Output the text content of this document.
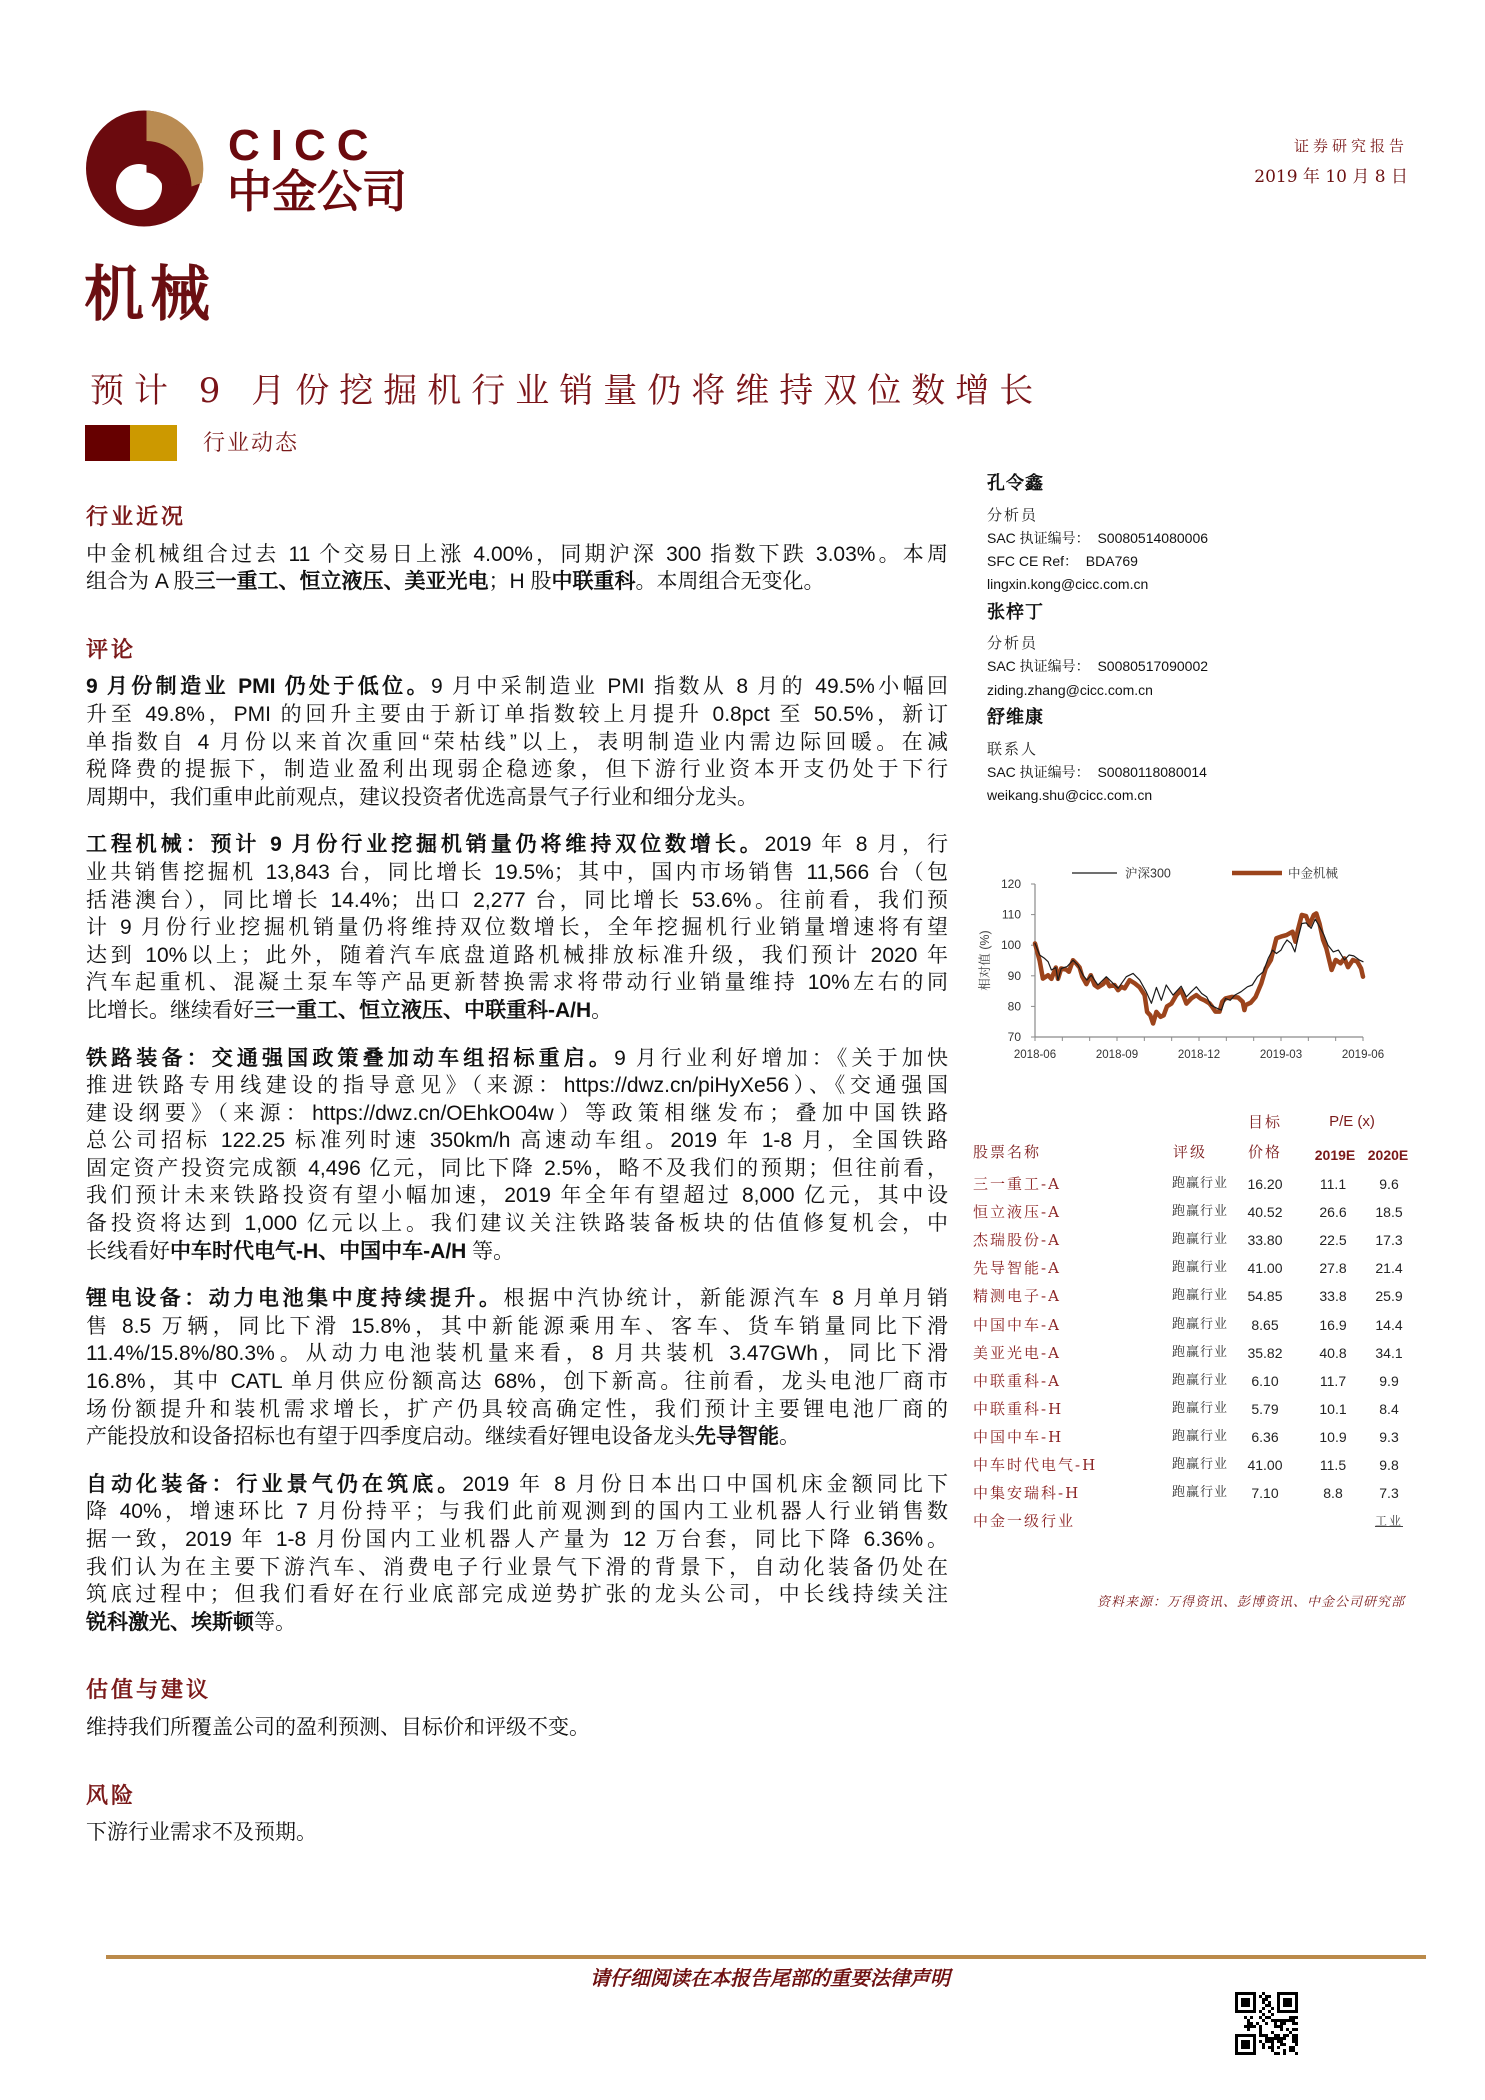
CICC
中金公司
证券研究报告
2019 年 10 月 8 日
机械
预计 9 月份挖掘机行业销量仍将维持双位数增长
行业动态
行业近况
中金机械组合过去 11 个交易日上涨 4.00%，同期沪深 300 指数下跌 3.03%。本周
组合为 A 股三一重工、恒立液压、美亚光电；H 股中联重科。本周组合无变化。
评论
9 月份制造业 PMI 仍处于低位。9 月中采制造业 PMI 指数从 8 月的 49.5%小幅回
升至 49.8%，PMI 的回升主要由于新订单指数较上月提升 0.8pct 至 50.5%，新订
单指数自 4 月份以来首次重回“荣枯线”以上，表明制造业内需边际回暖。在减
税降费的提振下，制造业盈利出现弱企稳迹象，但下游行业资本开支仍处于下行
周期中，我们重申此前观点，建议投资者优选高景气子行业和细分龙头。
工程机械：预计 9 月份行业挖掘机销量仍将维持双位数增长。2019 年 8 月，行
业共销售挖掘机 13,843 台，同比增长 19.5%；其中，国内市场销售 11,566 台（包
括港澳台），同比增长 14.4%；出口 2,277 台，同比增长 53.6%。往前看，我们预
计 9 月份行业挖掘机销量仍将维持双位数增长，全年挖掘机行业销量增速将有望
达到 10%以上；此外，随着汽车底盘道路机械排放标准升级，我们预计 2020 年
汽车起重机、混凝土泵车等产品更新替换需求将带动行业销量维持 10%左右的同
比增长。继续看好三一重工、恒立液压、中联重科-A/H。
铁路装备：交通强国政策叠加动车组招标重启。9 月行业利好增加：《关于加快
推进铁路专用线建设的指导意见》（来源：https://dwz.cn/piHyXe56）、《交通强国
建设纲要》（来源：https://dwz.cn/OEhkO04w）等政策相继发布；叠加中国铁路
总公司招标 122.25 标准列时速 350km/h 高速动车组。2019 年 1-8 月，全国铁路
固定资产投资完成额 4,496 亿元，同比下降 2.5%，略不及我们的预期；但往前看，
我们预计未来铁路投资有望小幅加速，2019 年全年有望超过 8,000 亿元，其中设
备投资将达到 1,000 亿元以上。我们建议关注铁路装备板块的估值修复机会，中
长线看好中车时代电气-H、中国中车-A/H 等。
锂电设备：动力电池集中度持续提升。根据中汽协统计，新能源汽车 8 月单月销
售 8.5 万辆，同比下滑 15.8%，其中新能源乘用车、客车、货车销量同比下滑
11.4%/15.8%/80.3%。从动力电池装机量来看，8 月共装机 3.47GWh，同比下滑
16.8%，其中 CATL 单月供应份额高达 68%，创下新高。往前看，龙头电池厂商市
场份额提升和装机需求增长，扩产仍具较高确定性，我们预计主要锂电池厂商的
产能投放和设备招标也有望于四季度启动。继续看好锂电设备龙头先导智能。
自动化装备：行业景气仍在筑底。2019 年 8 月份日本出口中国机床金额同比下
降 40%，增速环比 7 月份持平；与我们此前观测到的国内工业机器人行业销售数
据一致，2019 年 1-8 月份国内工业机器人产量为 12 万台套，同比下降 6.36%。
我们认为在主要下游汽车、消费电子行业景气下滑的背景下，自动化装备仍处在
筑底过程中；但我们看好在行业底部完成逆势扩张的龙头公司，中长线持续关注
锐科激光、埃斯顿等。
估值与建议
维持我们所覆盖公司的盈利预测、目标价和评级不变。
风险
下游行业需求不及预期。
孔令鑫
分析员
SAC 执证编号：  S0080514080006
SFC CE Ref：  BDA769
lingxin.kong@cicc.com.cn
张梓丁
分析员
SAC 执证编号：  S0080517090002
ziding.zhang@cicc.com.cn
舒维康
联系人
SAC 执证编号：  S0080118080014
weikang.shu@cicc.com.cn
70
80
90
100
110
120
2018-06	2018-09	2018-12	2019-03	2019-06
相对值 (%)
沪深300	中金机械
目标	P/E (x)
股票名称	评级	价格	2019E 2020E
三一重工-A	跑赢行业	16.20	11.1	9.6
恒立液压-A	跑赢行业	40.52	26.6	18.5
杰瑞股份-A	跑赢行业	33.80	22.5	17.3
先导智能-A	跑赢行业	41.00	27.8	21.4
精测电子-A	跑赢行业	54.85	33.8	25.9
中国中车-A	跑赢行业	8.65	16.9	14.4
美亚光电-A	跑赢行业	35.82	40.8	34.1
中联重科-A	跑赢行业	6.10	11.7	9.9
中联重科-H	跑赢行业	5.79	10.1	8.4
中国中车-H	跑赢行业	6.36	10.9	9.3
中车时代电气-H	跑赢行业	41.00	11.5	9.8
中集安瑞科-H	跑赢行业	7.10	8.8	7.3
中金一级行业	工业
资料来源：万得资讯、彭博资讯、中金公司研究部
请仔细阅读在本报告尾部的重要法律声明
